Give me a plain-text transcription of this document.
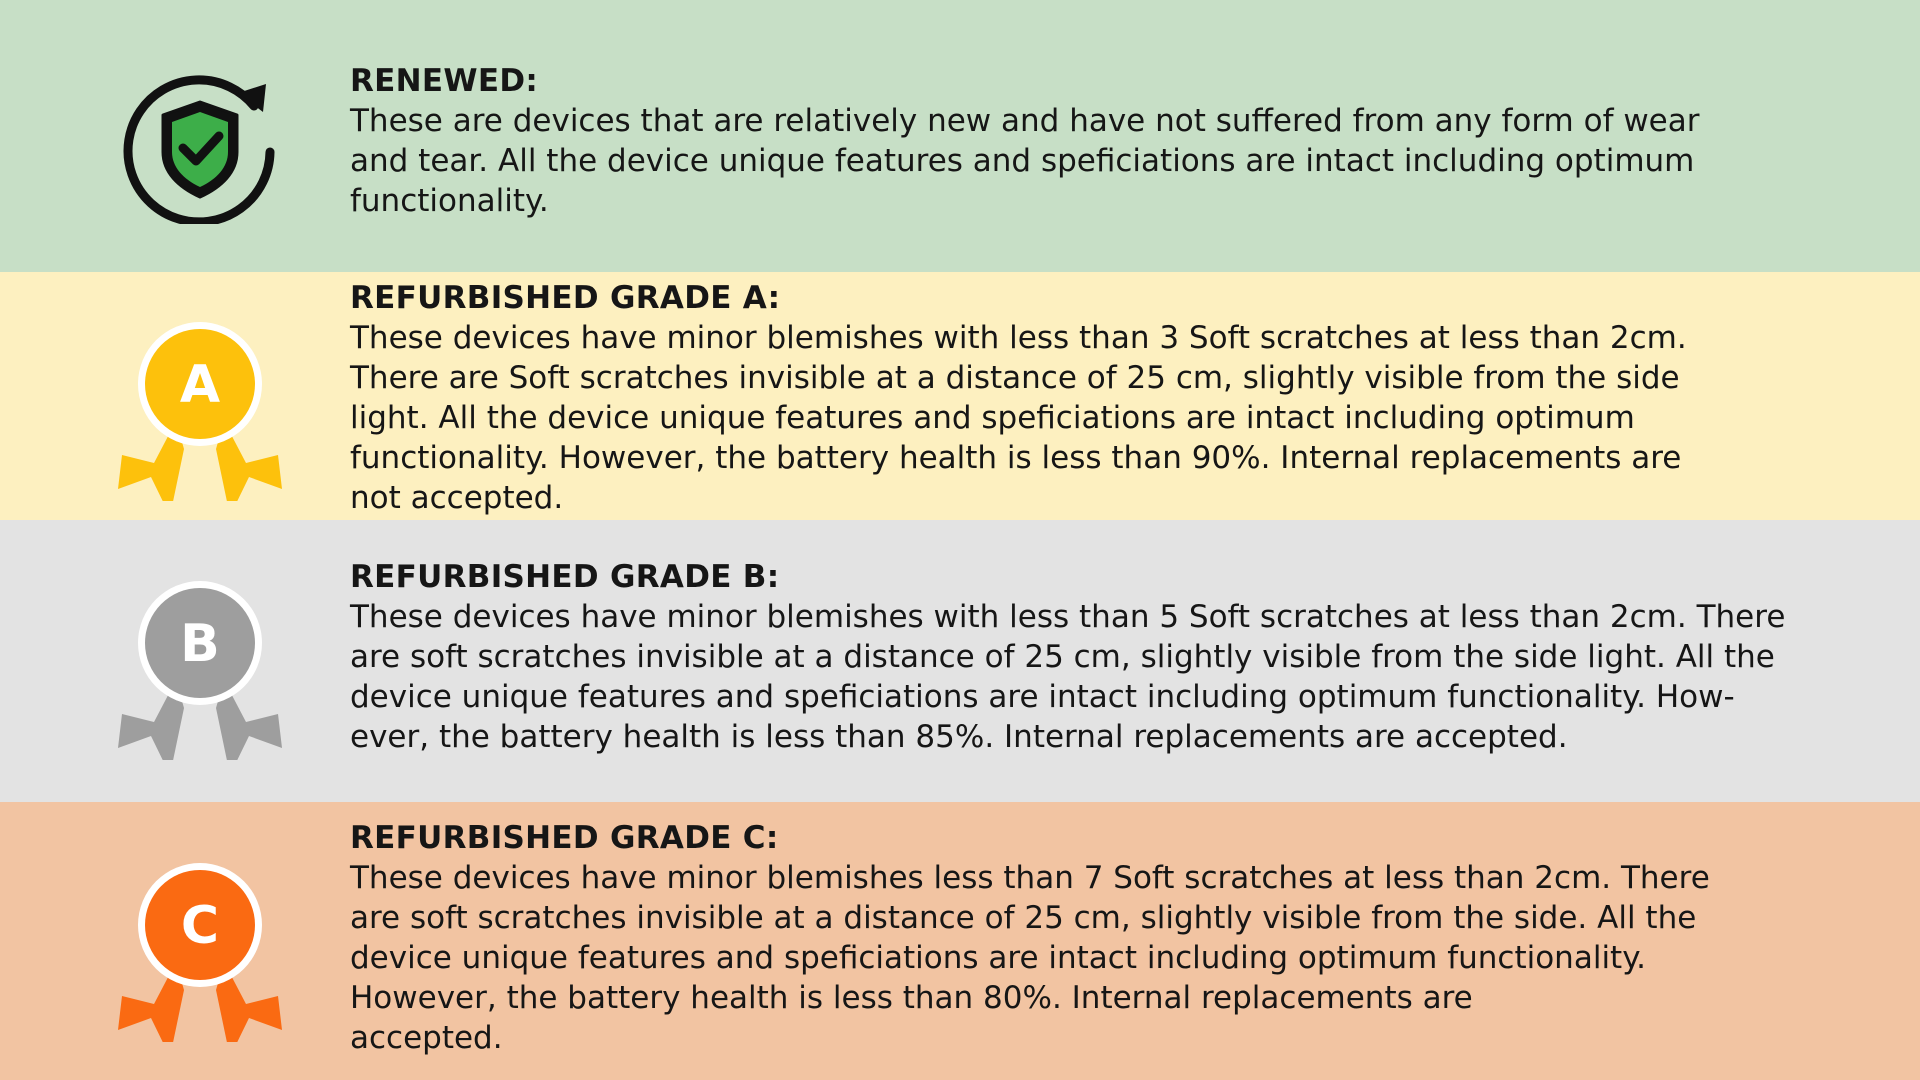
RENEWED:

These are devices that are relatively new and have not suffered from any form of wear
and tear. All the device unique features and speficiations are intact including optimum
functionality.

A
REFURBISHED GRADE A:

These devices have minor blemishes with less than 3 Soft scratches at less than 2cm.
There are Soft scratches invisible at a distance of 25 cm, slightly visible from the side
light. All the device unique features and speficiations are intact including optimum
functionality. However, the battery health is less than 90%. Internal replacements are
not accepted.

B
REFURBISHED GRADE B:

These devices have minor blemishes with less than 5 Soft scratches at less than 2cm. There
are soft scratches invisible at a distance of 25 cm, slightly visible from the side light. All the
device unique features and speficiations are intact including optimum functionality. How-
ever, the battery health is less than 85%. Internal replacements are accepted.

C
REFURBISHED GRADE C:

These devices have minor blemishes less than 7 Soft scratches at less than 2cm. There
are soft scratches invisible at a distance of 25 cm, slightly visible from the side. All the
device unique features and speficiations are intact including optimum functionality.
However, the battery health is less than 80%. Internal replacements are
accepted.
